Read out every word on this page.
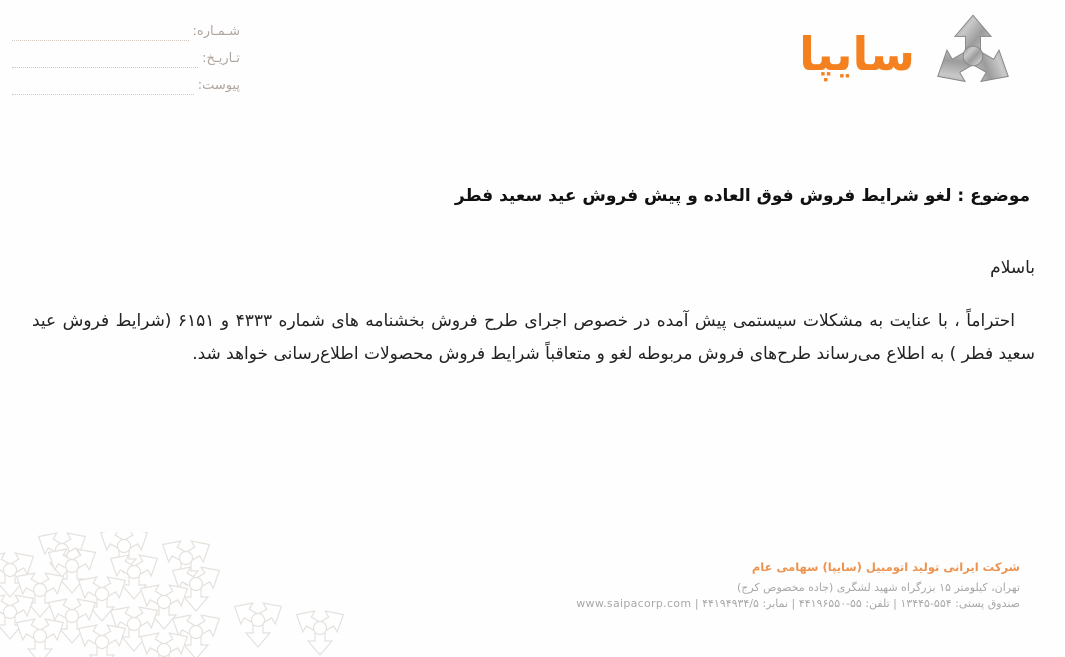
شـمـاره:
تـاریـخ:
پیوست:
سایپا
موضوع : لغو شرایط فروش فوق العاده و پیش فروش عید سعید فطر
باسلام

احتراماً ، با عنایت به مشکلات سیستمی پیش آمده در خصوص اجرای طرح فروش بخشنامه های شماره ۴۳۳۳ و ۶۱۵۱ (شرایط فروش عید سعید فطر ) به اطلاع می‌رساند طرح‌های فروش مربوطه لغو و متعاقباً شرایط فروش محصولات اطلاع‌رسانی خواهد شد.

شرکت ایرانی تولید اتومبیل (سایپا) سهامی عام
تهران، کیلومتر ۱۵ بزرگراه شهید لشگری (جاده مخصوص کرج)
صندوق پستی: ۵۵۴-۱۳۴۴۵ | تلفن: ۵۵-۴۴۱۹۶۵۵۰ | نمابر: ۴۴۱۹۴۹۳۴/۵ | www.saipacorp.com
